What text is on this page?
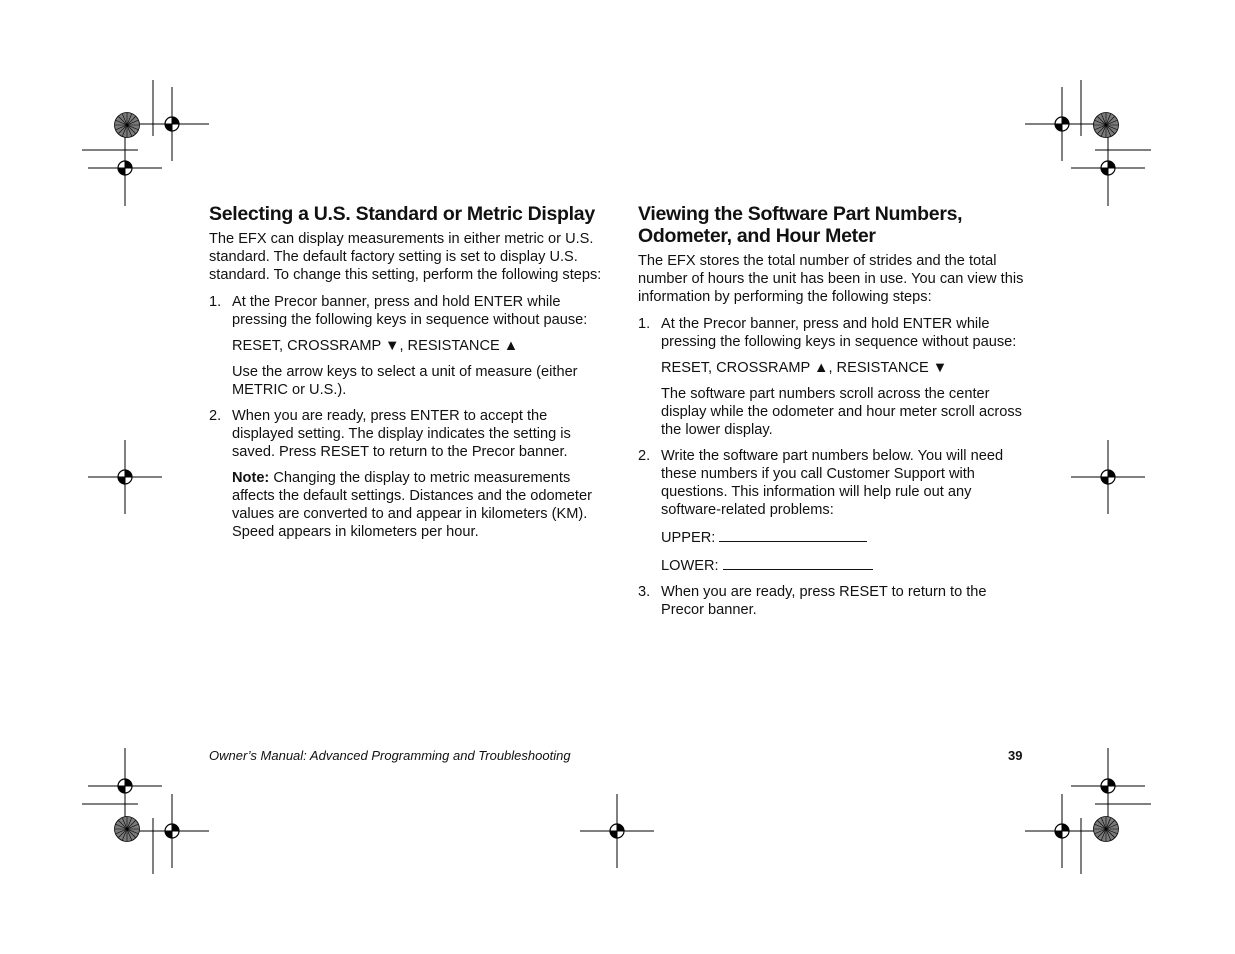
Selecting a U.S. Standard or Metric Display

The EFX can display measurements in either metric or U.S. standard. The default factory setting is set to display U.S. standard. To change this setting, perform the following steps:

1. At the Precor banner, press and hold ENTER while pressing the following keys in sequence without pause:

RESET, CROSSRAMP ▼, RESISTANCE ▲

Use the arrow keys to select a unit of measure (either METRIC or U.S.).

2. When you are ready, press ENTER to accept the displayed setting. The display indicates the setting is saved. Press RESET to return to the Precor banner.

Note: Changing the display to metric measurements affects the default settings. Distances and the odometer values are converted to and appear in kilometers (KM). Speed appears in kilometers per hour.

Viewing the Software Part Numbers, Odometer, and Hour Meter

The EFX stores the total number of strides and the total number of hours the unit has been in use. You can view this information by performing the following steps:

1. At the Precor banner, press and hold ENTER while pressing the following keys in sequence without pause:

RESET, CROSSRAMP ▲, RESISTANCE ▼

The software part numbers scroll across the center display while the odometer and hour meter scroll across the lower display.

2. Write the software part numbers below. You will need these numbers if you call Customer Support with questions. This information will help rule out any software-related problems:

UPPER:

LOWER:

3. When you are ready, press RESET to return to the Precor banner.

Owner’s Manual: Advanced Programming and Troubleshooting	39
